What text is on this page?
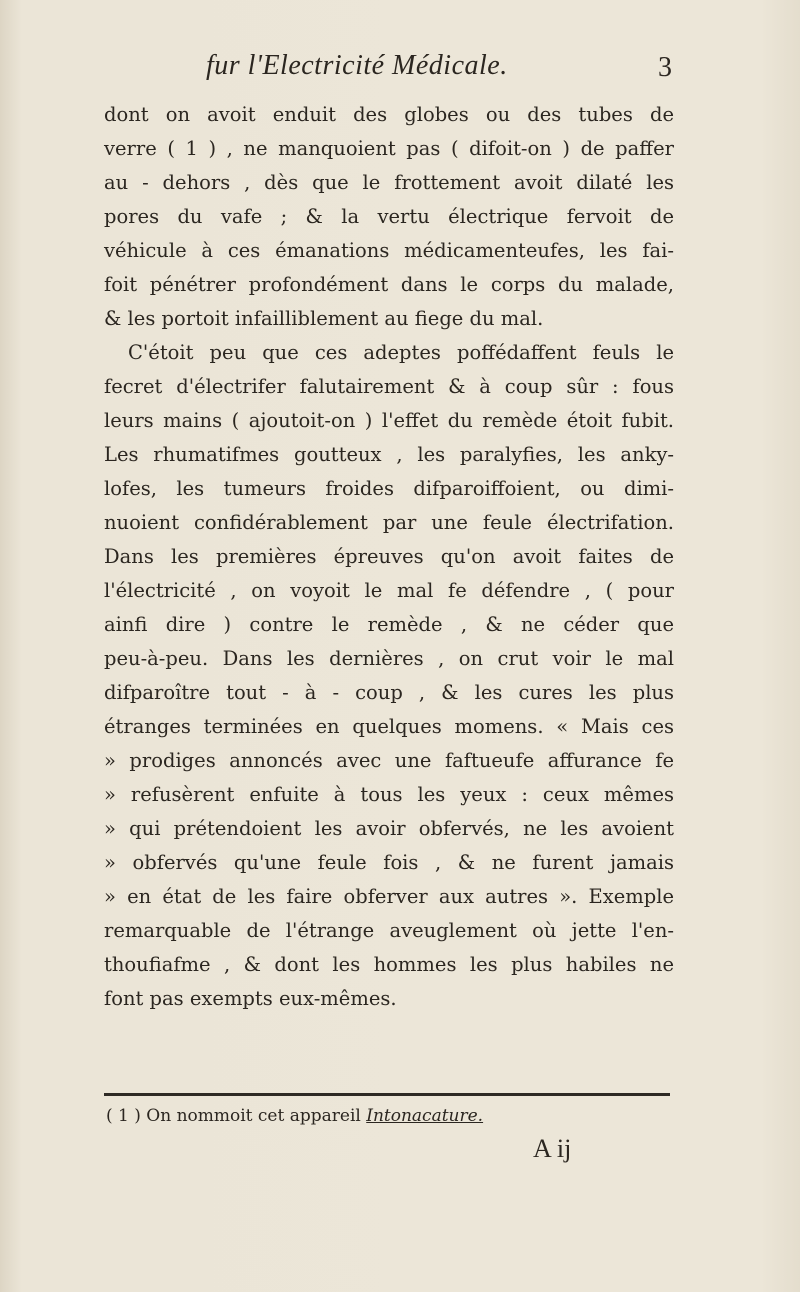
fur l'Electricité Médicale.	3
dont on avoit enduit des globes ou des tubes de
verre ( 1 ) , ne manquoient pas ( difoit-on ) de paffer
au - dehors , dès que le frottement avoit dilaté les
pores du vafe ; & la vertu électrique fervoit de
véhicule à ces émanations médicamenteufes, les fai-
foit pénétrer profondément dans le corps du malade,
& les portoit infailliblement au fiege du mal.
C'étoit peu que ces adeptes poffédaffent feuls le
fecret d'électrifer falutairement & à coup sûr : fous
leurs mains ( ajoutoit-on ) l'effet du remède étoit fubit.
Les rhumatifmes goutteux , les paralyfies, les anky-
lofes, les tumeurs froides difparoiffoient, ou dimi-
nuoient confidérablement par une feule électrifation.
Dans les premières épreuves qu'on avoit faites de
l'électricité , on voyoit le mal fe défendre , ( pour
ainfi dire ) contre le remède , & ne céder que
peu-à-peu. Dans les dernières , on crut voir le mal
difparoître tout - à - coup , & les cures les plus
étranges terminées en quelques momens. « Mais ces
» prodiges annoncés avec une faftueufe affurance fe
» refusèrent enfuite à tous les yeux : ceux mêmes
» qui prétendoient les avoir obfervés, ne les avoient
» obfervés qu'une feule fois , & ne furent jamais
» en état de les faire obferver aux autres ». Exemple
remarquable de l'étrange aveuglement où jette l'en-
thoufiafme , & dont les hommes les plus habiles ne
font pas exempts eux-mêmes.
( 1 ) On nommoit cet appareil Intonacature.
A ij
